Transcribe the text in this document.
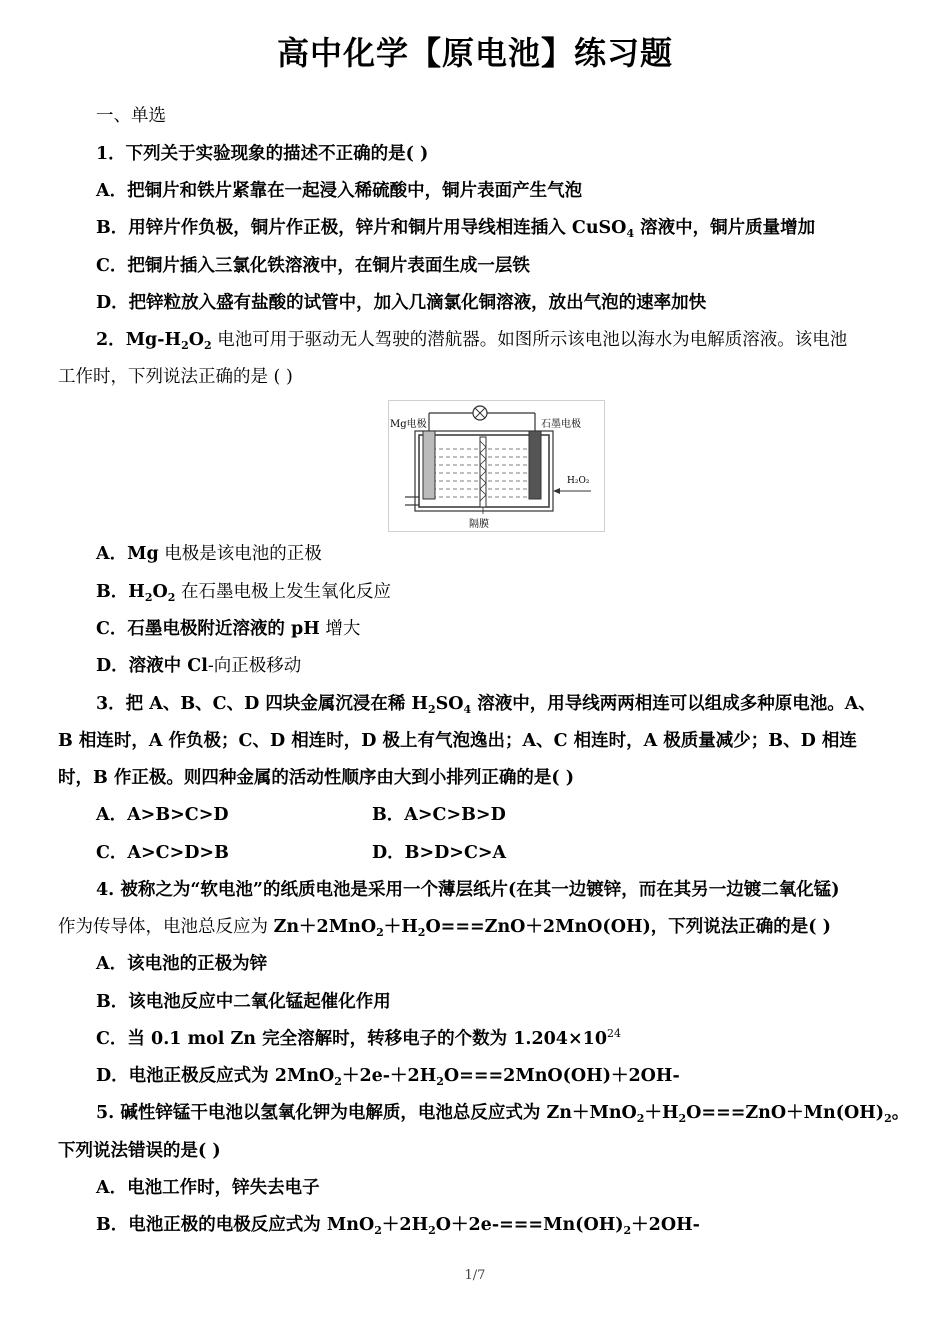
高中化学【原电池】练习题
一、单选
1．下列关于实验现象的描述不正确的是( )
A．把铜片和铁片紧靠在一起浸入稀硫酸中，铜片表面产生气泡
B．用锌片作负极，铜片作正极，锌片和铜片用导线相连插入 CuSO$_4$ 溶液中，铜片质量增加
C．把铜片插入三氯化铁溶液中，在铜片表面生成一层铁
D．把锌粒放入盛有盐酸的试管中，加入几滴氯化铜溶液，放出气泡的速率加快
2．$Mg-H_2O_2$ 电池可用于驱动无人驾驶的潜航器。如图所示该电池以海水为电解质溶液。该电池
工作时，下列说法正确的是 ( )
Mg电极	石墨电极
H₂O₂
隔膜
A．Mg 电极是该电池的正极
B．$H_2O_2$ 在石墨电极上发生氧化反应
C．石墨电极附近溶液的 pH 增大
D．溶液中 Cl-向正极移动
3．把 A、B、C、D 四块金属沉浸在稀 $H_2SO_4$ 溶液中，用导线两两相连可以组成多种原电池。A、
B 相连时，A 作负极；C、D 相连时，D 极上有气泡逸出；A、C 相连时，A 极质量减少；B、D 相连
时，B 作正极。则四种金属的活动性顺序由大到小排列正确的是( )
A．A>B>C>D	B．A>C>B>D
C．A>C>D>B	D．B>D>C>A
4. 被称之为“软电池”的纸质电池是采用一个薄层纸片(在其一边镀锌，而在其另一边镀二氧化锰)
作为传导体，电池总反应为 $Zn+2MnO_2+H_2O===ZnO+2MnO(OH)$，下列说法正确的是( )
A．该电池的正极为锌
B．该电池反应中二氧化锰起催化作用
C．当 0.1 mol Zn 完全溶解时，转移电子的个数为 $1.204\times 10^{24}$
D．电池正极反应式为 $2MnO_2+2e-+2H_2O===2MnO(OH)+2OH-$
5. 碱性锌锰干电池以氢氧化钾为电解质，电池总反应式为 $Zn+MnO_2+H_2O===ZnO+Mn(OH)_2$。
下列说法错误的是( )
A．电池工作时，锌失去电子
B．电池正极的电极反应式为 $MnO_2+2H_2O+2e-===Mn(OH)_2+2OH-$
1/7
